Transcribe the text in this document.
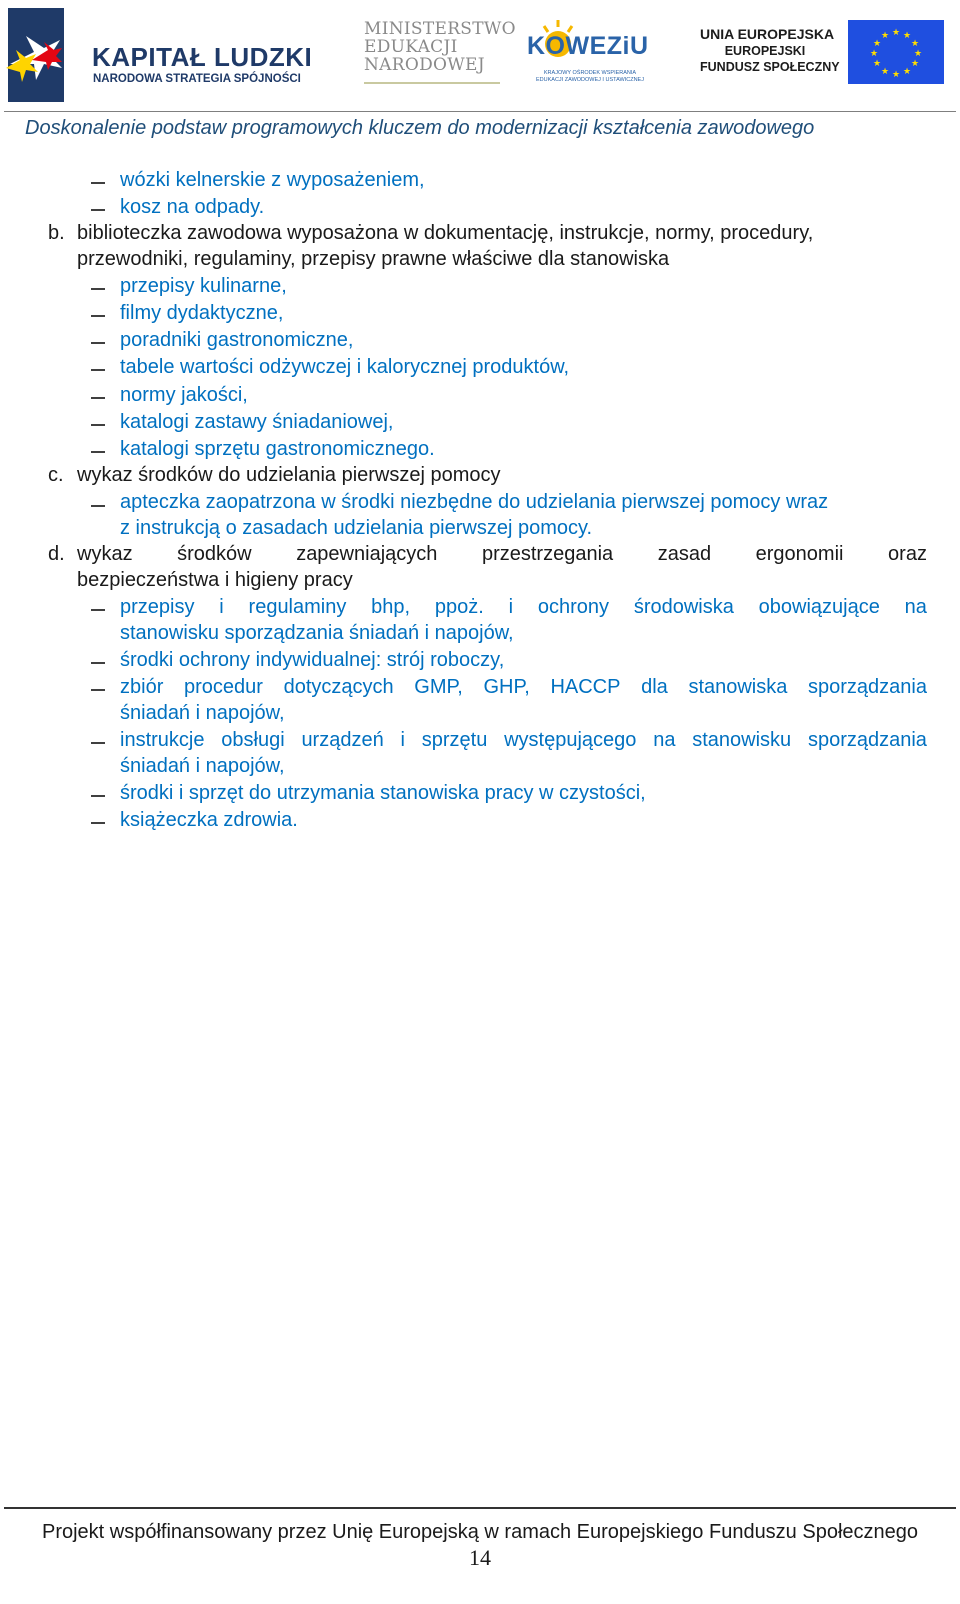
KAPITAŁ LUDZKI
NARODOWA STRATEGIA SPÓJNOŚCI
MINISTERSTWO
EDUKACJI
NARODOWEJ
KOWEZiU
KRAJOWY OŚRODEK WSPIERANIA EDUKACJI ZAWODOWEJ I USTAWICZNEJ
UNIA EUROPEJSKA
EUROPEJSKI
FUNDUSZ SPOŁECZNY
★ ★
★
★
★
★
★
★
★
★
★
★
Doskonalenie podstaw programowych kluczem do modernizacji kształcenia zawodowego
wózki kelnerskie z wyposażeniem,
kosz na odpady.
b. biblioteczka zawodowa wyposażona w dokumentację, instrukcje, normy, procedury,
przewodniki, regulaminy, przepisy prawne właściwe dla stanowiska
przepisy kulinarne,
filmy dydaktyczne,
poradniki gastronomiczne,
tabele wartości odżywczej i kalorycznej produktów,
normy jakości,
katalogi zastawy śniadaniowej,
katalogi sprzętu gastronomicznego.
c. wykaz środków do udzielania pierwszej pomocy
apteczka zaopatrzona w środki niezbędne do udzielania pierwszej pomocy wraz
z instrukcją o zasadach udzielania pierwszej pomocy.
d. wykaz środków zapewniających przestrzegania zasad ergonomii oraz
bezpieczeństwa i higieny pracy
przepisy i regulaminy bhp, ppoż. i ochrony środowiska obowiązujące na
stanowisku sporządzania śniadań i napojów,
środki ochrony indywidualnej: strój roboczy,
zbiór procedur dotyczących GMP, GHP, HACCP dla stanowiska sporządzania
śniadań i napojów,
instrukcje obsługi urządzeń i sprzętu występującego na stanowisku sporządzania
śniadań i napojów,
środki i sprzęt do utrzymania stanowiska pracy w czystości,
książeczka zdrowia.
Projekt współfinansowany przez Unię Europejską w ramach Europejskiego Funduszu Społecznego
14
